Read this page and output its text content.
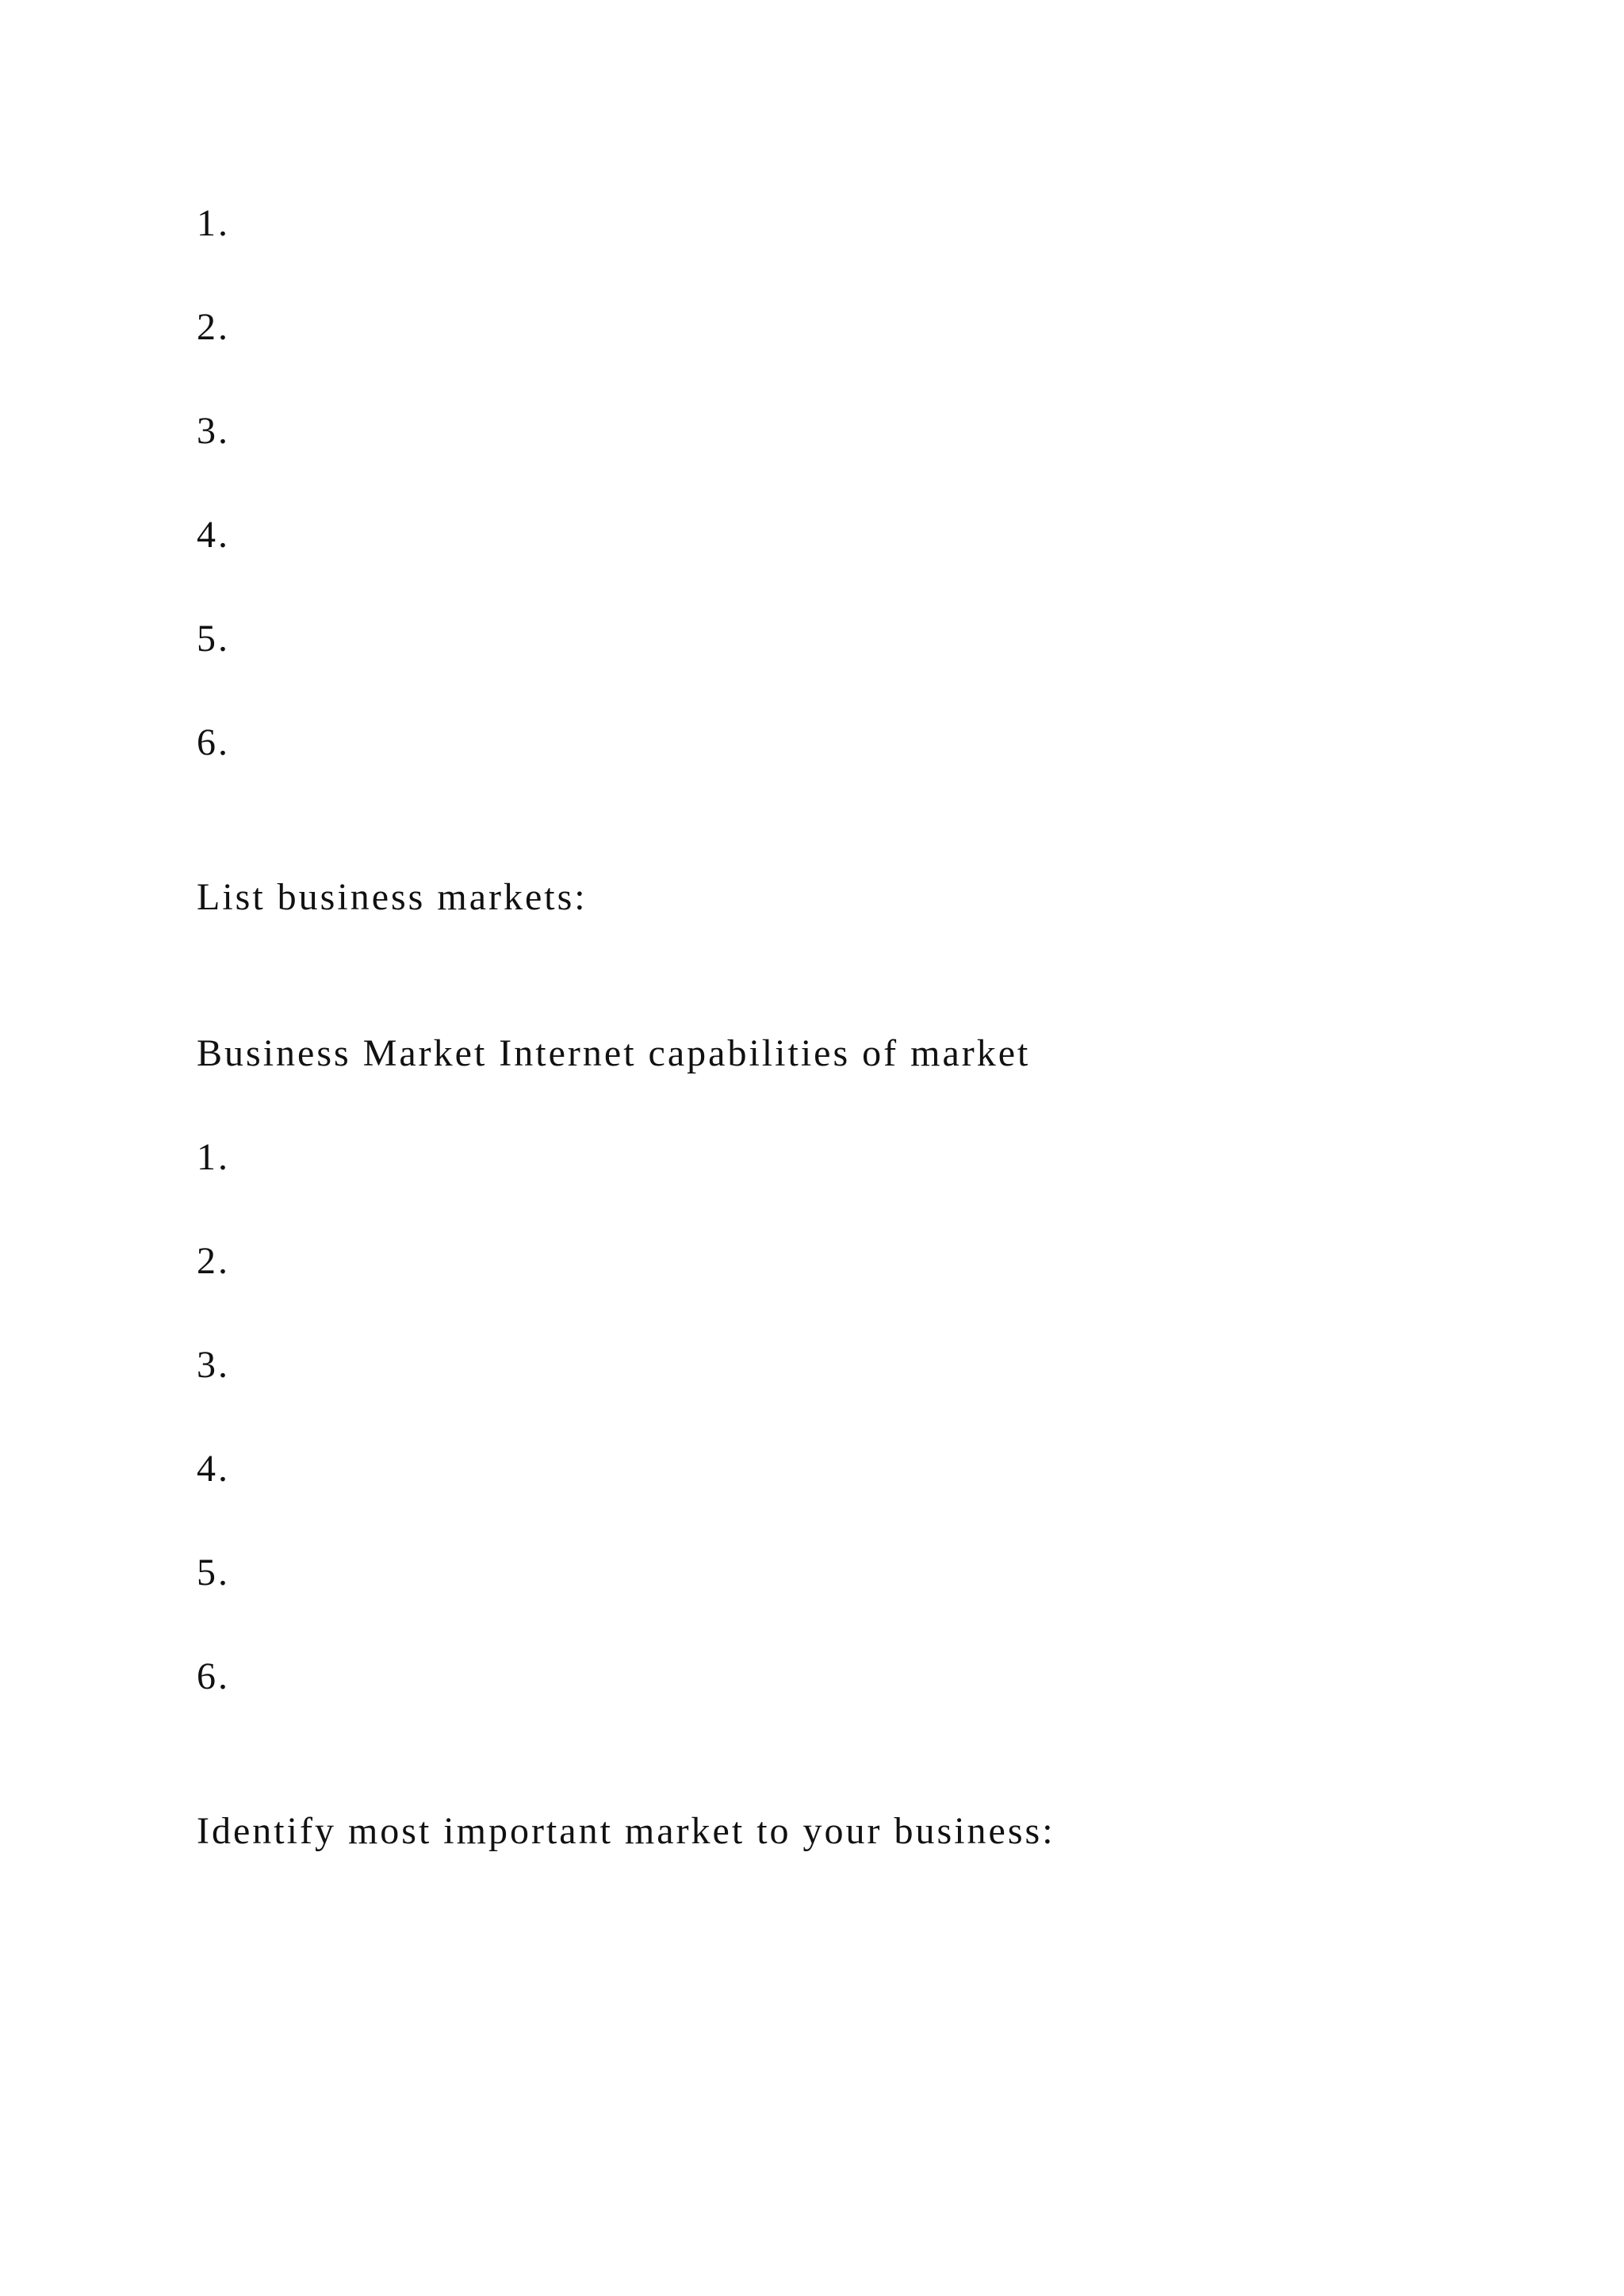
1.

2.

3.

4.

5.

6.

List business markets:

Business Market Internet capabilities of market

1.

2.

3.

4.

5.

6.

Identify most important market to your business:
